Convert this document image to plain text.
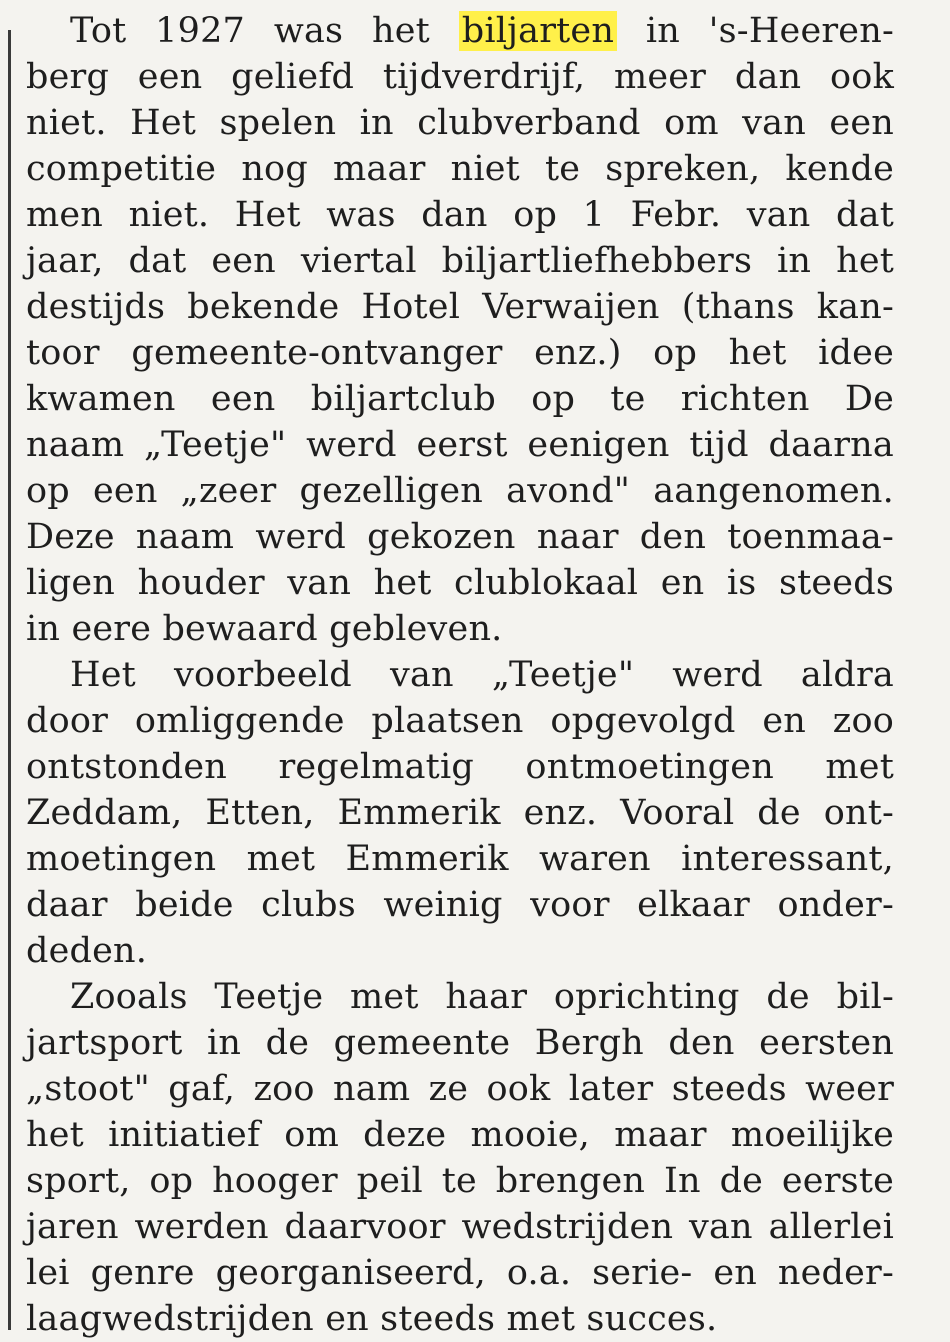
Tot 1927 was het biljarten in 's-Heeren-
berg een geliefd tijdverdrijf, meer dan ook
niet. Het spelen in clubverband om van een
competitie nog maar niet te spreken, kende
men niet. Het was dan op 1 Febr. van dat
jaar, dat een viertal biljartliefhebbers in het
destijds bekende Hotel Verwaijen (thans kan-
toor gemeente-ontvanger enz.) op het idee
kwamen een biljartclub op te richten De
naam „Teetje" werd eerst eenigen tijd daarna
op een „zeer gezelligen avond" aangenomen.
Deze naam werd gekozen naar den toenmaa-
ligen houder van het clublokaal en is steeds
in eere bewaard gebleven.
Het voorbeeld van „Teetje" werd aldra
door omliggende plaatsen opgevolgd en zoo
ontstonden regelmatig ontmoetingen met
Zeddam, Etten, Emmerik enz. Vooral de ont-
moetingen met Emmerik waren interessant,
daar beide clubs weinig voor elkaar onder-
deden.
Zooals Teetje met haar oprichting de bil-
jartsport in de gemeente Bergh den eersten
„stoot" gaf, zoo nam ze ook later steeds weer
het initiatief om deze mooie, maar moeilijke
sport, op hooger peil te brengen In de eerste
jaren werden daarvoor wedstrijden van allerlei
lei genre georganiseerd, o.a. serie- en neder-
laagwedstrijden en steeds met succes.
